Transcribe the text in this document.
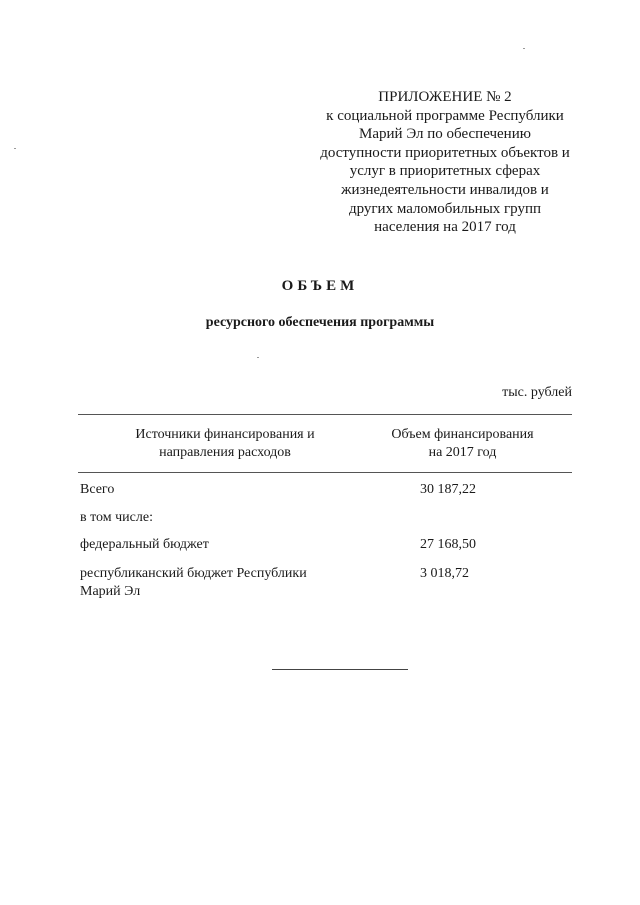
ПРИЛОЖЕНИЕ № 2
к социальной программе Республики
Марий Эл по обеспечению
доступности приоритетных объектов и
услуг в приоритетных сферах
жизнедеятельности инвалидов и
других маломобильных групп
населения на 2017 год
ОБЪЕМ
ресурсного обеспечения программы
тыс. рублей
Источники финансирования и
направления расходов
Объем финансирования
на 2017 год
Всего	30 187,22
в том числе:
федеральный бюджет	27 168,50
республиканский бюджет Республики
Марий Эл
3 018,72
